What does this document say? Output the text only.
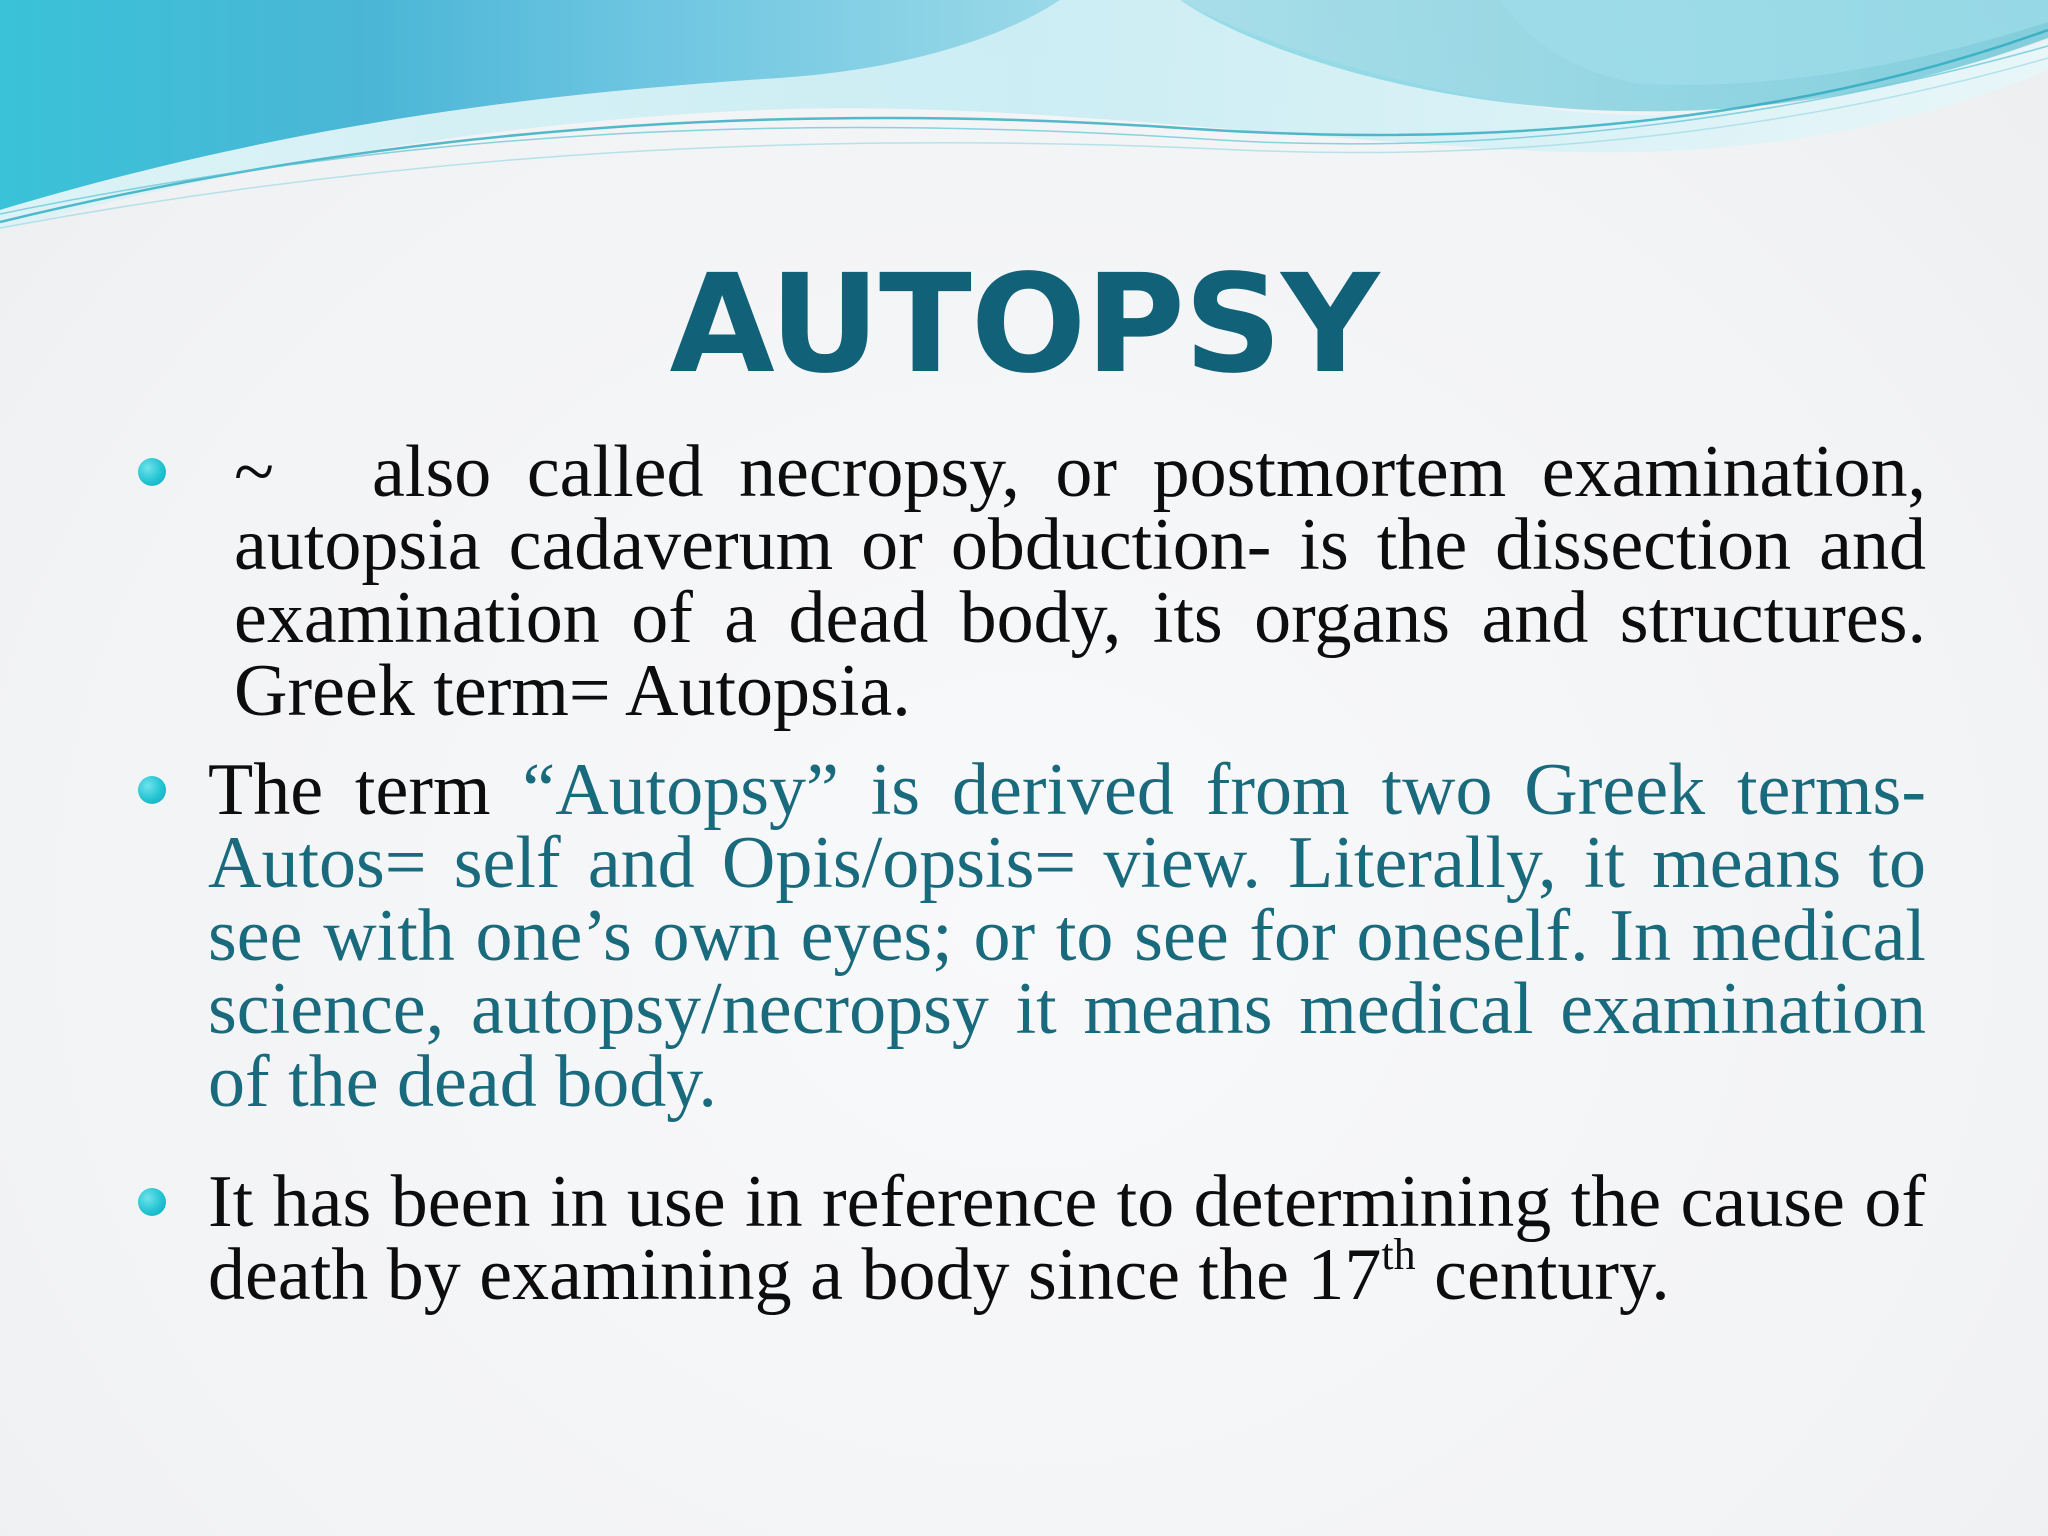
AUTOPSY
~ also called necropsy, or postmortem examination, autopsia cadaverum or obduction- is the dissection and examination of a dead body, its organs and structures. Greek term= Autopsia.
The term “Autopsy” is derived from two Greek terms- Autos= self and Opis/opsis= view. Literally, it means to see with one’s own eyes; or to see for oneself. In medical science, autopsy/necropsy it means medical examination of the dead body.
It has been in use in reference to determining the cause of death by examining a body since the 17th century.
